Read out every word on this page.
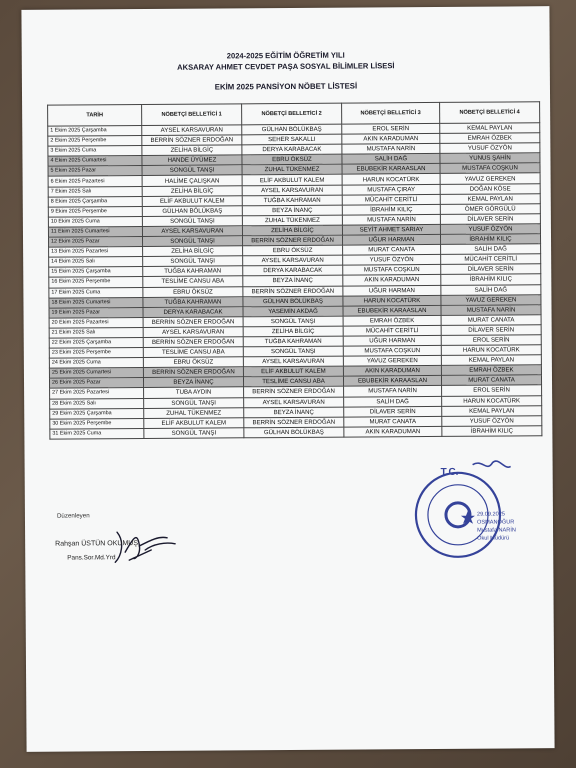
2024-2025 EĞİTİM ÖĞRETİM YILI
AKSARAY AHMET CEVDET PAŞA SOSYAL BİLİMLER LİSESİ
EKİM 2025 PANSİYON NÖBET LİSTESİ
TARİH	NÖBETÇİ BELLETİCİ 1	NÖBETÇİ BELLETİCİ 2	NÖBETÇİ BELLETİCİ 3	NÖBETÇİ BELLETİCİ 4
1 Ekim 2025 Çarşamba	AYSEL KARSAVURAN	GÜLHAN BÖLÜKBAŞ	EROL SERİN	KEMAL PAYLAN
2 Ekim 2025 Perşembe	BERRİN SÖZNER ERDOĞAN	SEHER SAKALLI	AKIN KARADUMAN	EMRAH ÖZBEK
3 Ekim 2025 Cuma	ZELİHA BİLGİÇ	DERYA KARABACAK	MUSTAFA NARİN	YUSUF ÖZYÖN
4 Ekim 2025 Cumartesi	HANDE ÜYÜMEZ	EBRU ÖKSÜZ	SALİH DAĞ	YUNUS ŞAHİN
5 Ekim 2025 Pazar	SONGÜL TANŞI	ZUHAL TÜKENMEZ	EBUBEKİR KARAASLAN	MUSTAFA COŞKUN
6 Ekim 2025 Pazartesi	HALİME ÇALIŞKAN	ELİF AKBULUT KALEM	HARUN KOCATÜRK	YAVUZ GEREKEN
7 Ekim 2025 Salı	ZELİHA BİLGİÇ	AYSEL KARSAVURAN	MUSTAFA ÇIRAY	DOĞAN KÖSE
8 Ekim 2025 Çarşamba	ELİF AKBULUT KALEM	TUĞBA KAHRAMAN	MÜCAHİT CERİTLİ	KEMAL PAYLAN
9 Ekim 2025 Perşembe	GÜLHAN BÖLÜKBAŞ	BEYZA İNANÇ	İBRAHİM KILIÇ	ÖMER GÖRGÜLÜ
10 Ekim 2025 Cuma	SONGÜL TANŞI	ZUHAL TÜKENMEZ	MUSTAFA NARİN	DİLAVER SERİN
11 Ekim 2025 Cumartesi	AYSEL KARSAVURAN	ZELİHA BİLGİÇ	SEYİT AHMET SARIAY	YUSUF ÖZYÖN
12 Ekim 2025 Pazar	SONGÜL TANŞI	BERRİN SÖZNER ERDOĞAN	UĞUR HARMAN	İBRAHİM KILIÇ
13 Ekim 2025 Pazartesi	ZELİHA BİLGİÇ	EBRU ÖKSÜZ	MURAT CANATA	SALİH DAĞ
14 Ekim 2025 Salı	SONGÜL TANŞI	AYSEL KARSAVURAN	YUSUF ÖZYÖN	MÜCAHİT CERİTLİ
15 Ekim 2025 Çarşamba	TUĞBA KAHRAMAN	DERYA KARABACAK	MUSTAFA COŞKUN	DİLAVER SERİN
16 Ekim 2025 Perşembe	TESLİME CANSU ABA	BEYZA İNANÇ	AKIN KARADUMAN	İBRAHİM KILIÇ
17 Ekim 2025 Cuma	EBRU ÖKSÜZ	BERRİN SÖZNER ERDOĞAN	UĞUR HARMAN	SALİH DAĞ
18 Ekim 2025 Cumartesi	TUĞBA KAHRAMAN	GÜLHAN BÖLÜKBAŞ	HARUN KOCATÜRK	YAVUZ GEREKEN
19 Ekim 2025 Pazar	DERYA KARABACAK	YASEMİN AKDAĞ	EBUBEKİR KARAASLAN	MUSTAFA NARİN
20 Ekim 2025 Pazartesi	BERRİN SÖZNER ERDOĞAN	SONGÜL TANŞI	EMRAH ÖZBEK	MURAT CANATA
21 Ekim 2025 Salı	AYSEL KARSAVURAN	ZELİHA BİLGİÇ	MÜCAHİT CERİTLİ	DİLAVER SERİN
22 Ekim 2025 Çarşamba	BERRİN SÖZNER ERDOĞAN	TUĞBA KAHRAMAN	UĞUR HARMAN	EROL SERİN
23 Ekim 2025 Perşembe	TESLİME CANSU ABA	SONGÜL TANŞI	MUSTAFA COŞKUN	HARUN KOCATÜRK
24 Ekim 2025 Cuma	EBRU ÖKSÜZ	AYSEL KARSAVURAN	YAVUZ GEREKEN	KEMAL PAYLAN
25 Ekim 2025 Cumartesi	BERRİN SÖZNER ERDOĞAN	ELİF AKBULUT KALEM	AKIN KARADUMAN	EMRAH ÖZBEK
26 Ekim 2025 Pazar	BEYZA İNANÇ	TESLİME CANSU ABA	EBUBEKİR KARAASLAN	MURAT CANATA
27 Ekim 2025 Pazartesi	TUBA AYDIN	BERRİN SÖZNER ERDOĞAN	MUSTAFA NARİN	EROL SERİN
28 Ekim 2025 Salı	SONGÜL TANŞI	AYSEL KARSAVURAN	SALİH DAĞ	HARUN KOCATÜRK
29 Ekim 2025 Çarşamba	ZUHAL TÜKENMEZ	BEYZA İNANÇ	DİLAVER SERİN	KEMAL PAYLAN
30 Ekim 2025 Perşembe	ELİF AKBULUT KALEM	BERRİN SÖZNER ERDOĞAN	MURAT CANATA	YUSUF ÖZYÖN
31 Ekim 2025 Cuma	SONGÜL TANŞI	GÜLHAN BÖLÜKBAŞ	AKIN KARADUMAN	İBRAHİM KILIÇ
Düzenleyen
Rahşan ÜSTÜN OKUMUŞ
Pans.Sor.Md.Yrd
T.C.
29.09.2025
OSMANOĞUR
Mustafa NARİN
Okul Müdürü
